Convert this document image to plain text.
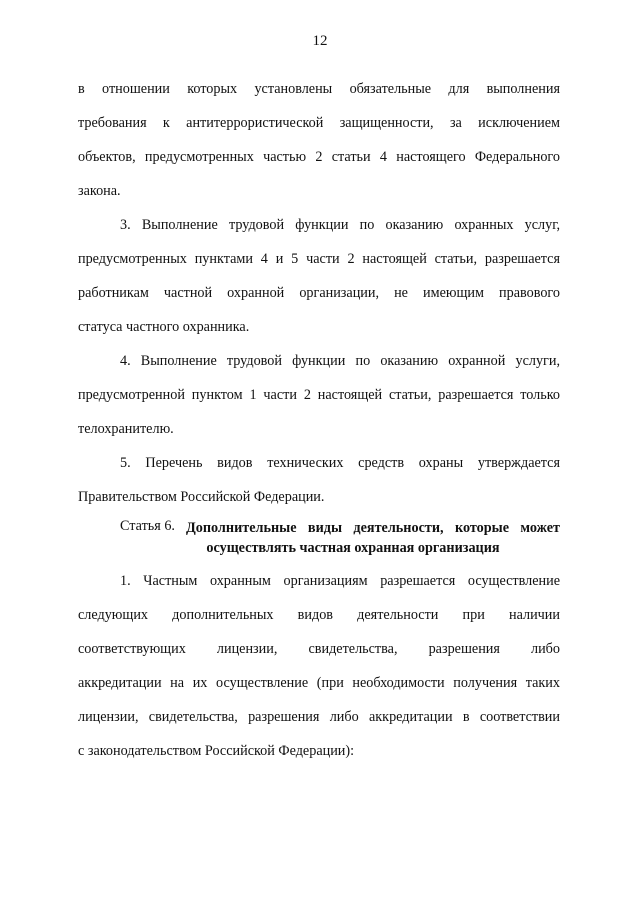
12
в отношении которых установлены обязательные для выполнения
требования к антитеррористической защищенности, за исключением
объектов, предусмотренных частью 2 статьи 4 настоящего Федерального
закона.
3. Выполнение трудовой функции по оказанию охранных услуг,
предусмотренных пунктами 4 и 5 части 2 настоящей статьи, разрешается
работникам частной охранной организации, не имеющим правового
статуса частного охранника.
4. Выполнение трудовой функции по оказанию охранной услуги,
предусмотренной пунктом 1 части 2 настоящей статьи, разрешается только
телохранителю.
5. Перечень видов технических средств охраны утверждается
Правительством Российской Федерации.
Статья 6. Дополнительные виды деятельности, которые может
осуществлять частная охранная организация
1. Частным охранным организациям разрешается осуществление
следующих дополнительных видов деятельности при наличии
соответствующих лицензии, свидетельства, разрешения либо
аккредитации на их осуществление (при необходимости получения таких
лицензии, свидетельства, разрешения либо аккредитации в соответствии
с законодательством Российской Федерации):
